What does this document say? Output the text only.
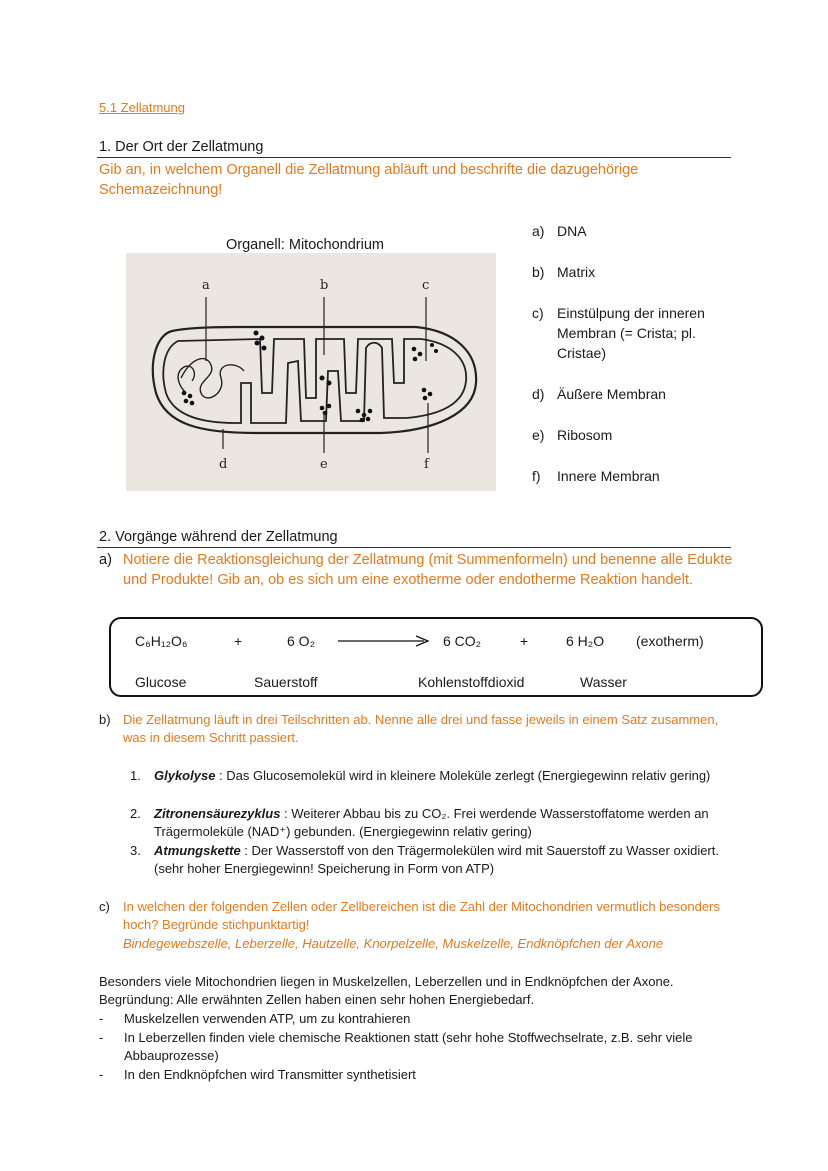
5.1 Zellatmung
1. Der Ort der Zellatmung
Gib an, in welchem Organell die Zellatmung abläuft und beschrifte die dazugehörige Schemazeichnung!
Organell: Mitochondrium
a	b	c
d	e	f
a) DNA
b) Matrix
c) Einstülpung der inneren Membran (= Crista; pl. Cristae)
d) Äußere Membran
e) Ribosom
f) Innere Membran
2. Vorgänge während der Zellatmung
a) Notiere die Reaktionsgleichung der Zellatmung (mit Summenformeln) und benenne alle Edukte und Produkte! Gib an, ob es sich um eine exotherme oder endotherme Reaktion handelt.
C₆H₁₂O₆	+	6 O₂	6 CO₂	+	6 H₂O (exotherm)
Glucose	Sauerstoff	Kohlenstoffdioxid	Wasser
b) Die Zellatmung läuft in drei Teilschritten ab. Nenne alle drei und fasse jeweils in einem Satz zusammen, was in diesem Schritt passiert.
1. Glykolyse : Das Glucosemolekül wird in kleinere Moleküle zerlegt (Energiegewinn relativ gering)
2. Zitronensäurezyklus : Weiterer Abbau bis zu CO₂. Frei werdende Wasserstoffatome werden an Trägermoleküle (NAD⁺) gebunden. (Energiegewinn relativ gering)
3. Atmungskette : Der Wasserstoff von den Trägermolekülen wird mit Sauerstoff zu Wasser oxidiert. (sehr hoher Energiegewinn! Speicherung in Form von ATP)
c) In welchen der folgenden Zellen oder Zellbereichen ist die Zahl der Mitochondrien vermutlich besonders hoch? Begründe stichpunktartig!
Bindegewebszelle, Leberzelle, Hautzelle, Knorpelzelle, Muskelzelle, Endknöpfchen der Axone
Besonders viele Mitochondrien liegen in Muskelzellen, Leberzellen und in Endknöpfchen der Axone.
Begründung: Alle erwähnten Zellen haben einen sehr hohen Energiebedarf.
- Muskelzellen verwenden ATP, um zu kontrahieren
- In Leberzellen finden viele chemische Reaktionen statt (sehr hohe Stoffwechselrate, z.B. sehr viele Abbauprozesse)
- In den Endknöpfchen wird Transmitter synthetisiert
